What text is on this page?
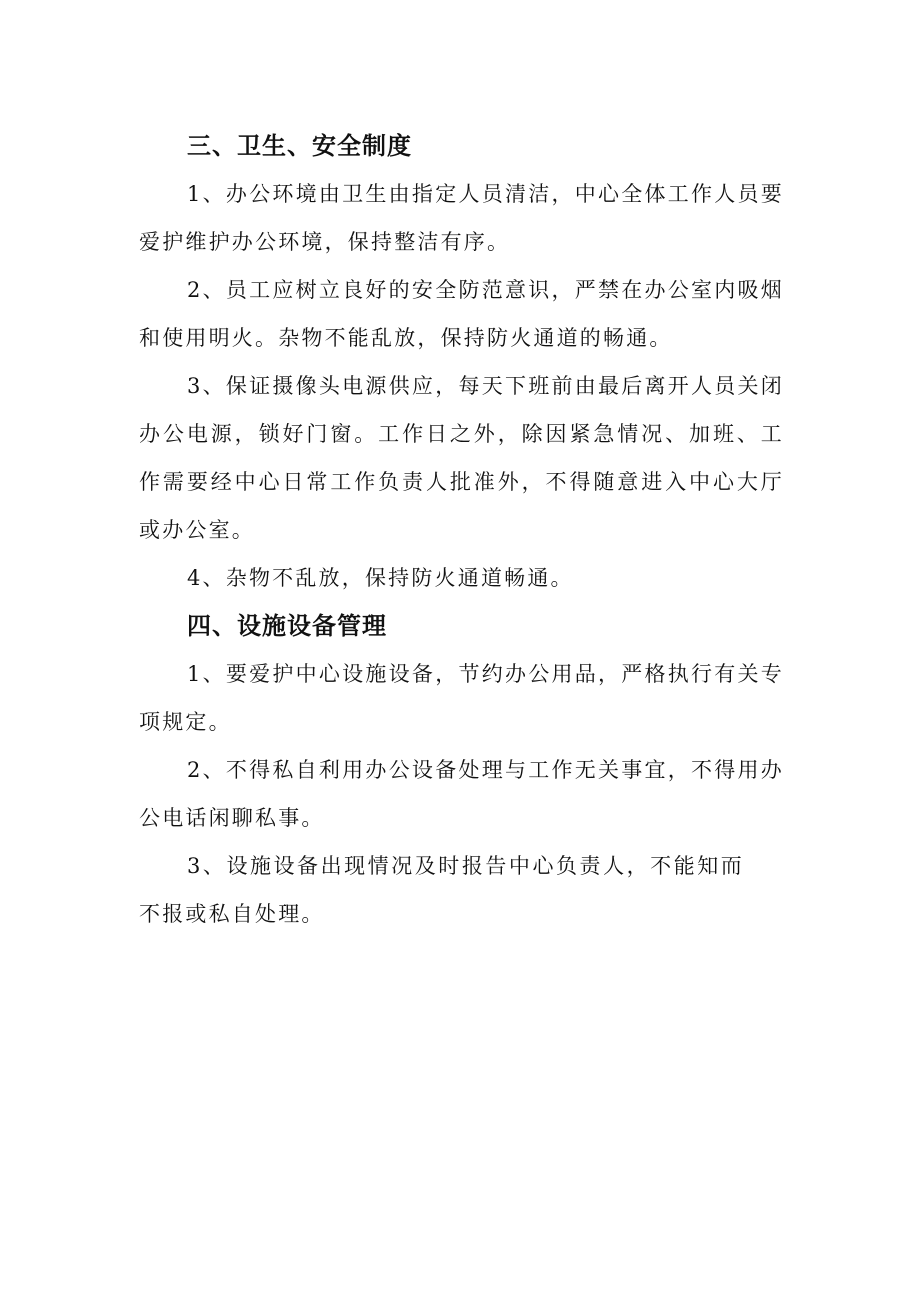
三、卫生、安全制度

1、办公环境由卫生由指定人员清洁，中心全体工作人员要爱护维护办公环境，保持整洁有序。

2、员工应树立良好的安全防范意识，严禁在办公室内吸烟和使用明火。杂物不能乱放，保持防火通道的畅通。

3、保证摄像头电源供应，每天下班前由最后离开人员关闭办公电源，锁好门窗。工作日之外，除因紧急情况、加班、工作需要经中心日常工作负责人批准外，不得随意进入中心大厅或办公室。

4、杂物不乱放，保持防火通道畅通。

四、设施设备管理

1、要爱护中心设施设备，节约办公用品，严格执行有关专项规定。

2、不得私自利用办公设备处理与工作无关事宜，不得用办公电话闲聊私事。

3、设施设备出现情况及时报告中心负责人，不能知而不报或私自处理。
